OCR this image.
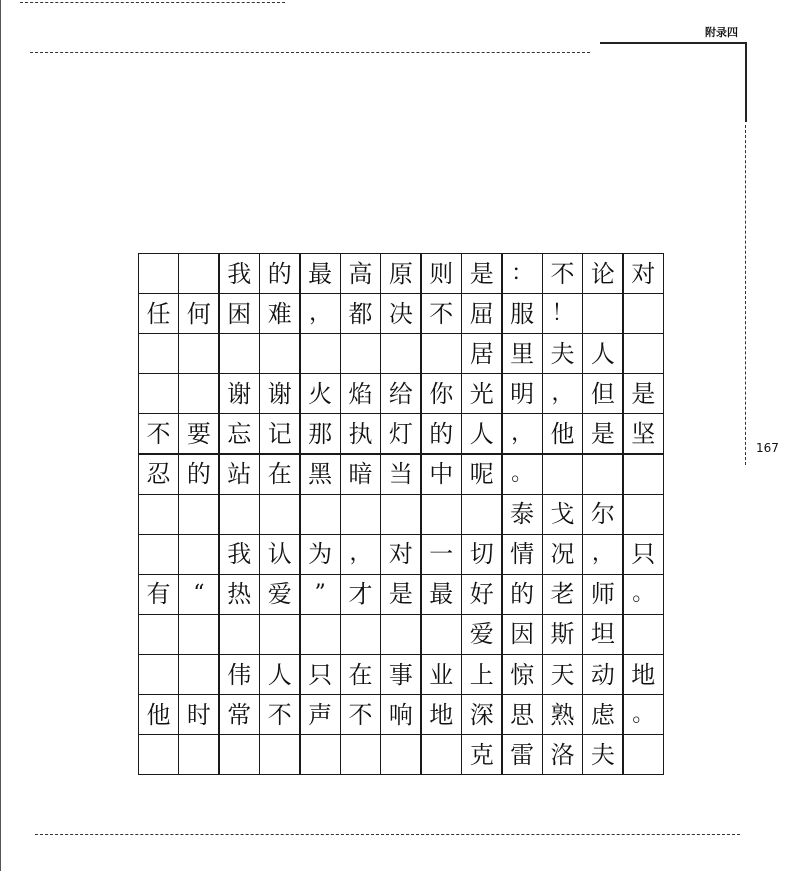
附录四
167
我 的 最 高 原 则 是 ： 不 论 对
任 何 困 难 ， 都 决 不 屈 服 ！
居 里 夫 人
谢 谢 火 焰 给 你 光 明 ， 但 是
不 要 忘 记 那 执 灯 的 人 ， 他 是 坚
忍 的 站 在 黑 暗 当 中 呢 。
泰 戈 尔
我 认 为 ， 对 一 切 情 况 ， 只
有	“ 热 爱	” 才 是 最 好 的 老 师 。
爱 因 斯 坦
伟 人 只 在 事 业 上 惊 天 动 地
他 时 常 不 声 不 响 地 深 思 熟 虑 。
克 雷 洛 夫
